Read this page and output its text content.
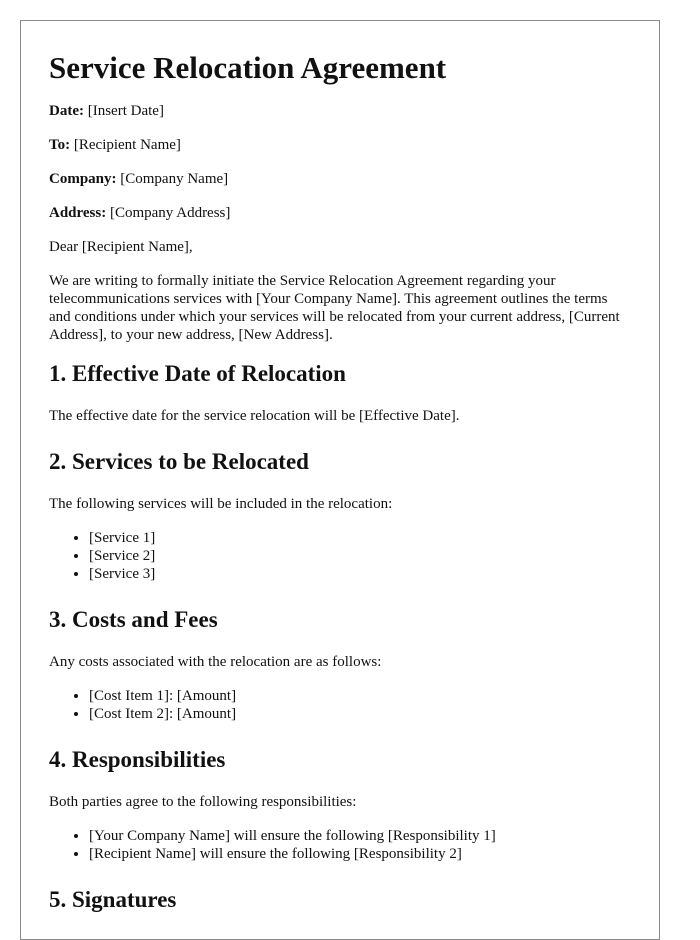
Service Relocation Agreement

Date: [Insert Date]

To: [Recipient Name]

Company: [Company Name]

Address: [Company Address]

Dear [Recipient Name],

We are writing to formally initiate the Service Relocation Agreement regarding your telecommunications services with [Your Company Name]. This agreement outlines the terms and conditions under which your services will be relocated from your current address, [Current Address], to your new address, [New Address].

1. Effective Date of Relocation

The effective date for the service relocation will be [Effective Date].

2. Services to be Relocated

The following services will be included in the relocation:

• [Service 1]
• [Service 2]
• [Service 3]
3. Costs and Fees

Any costs associated with the relocation are as follows:

• [Cost Item 1]: [Amount]
• [Cost Item 2]: [Amount]
4. Responsibilities

Both parties agree to the following responsibilities:

• [Your Company Name] will ensure the following [Responsibility 1]
• [Recipient Name] will ensure the following [Responsibility 2]
5. Signatures
